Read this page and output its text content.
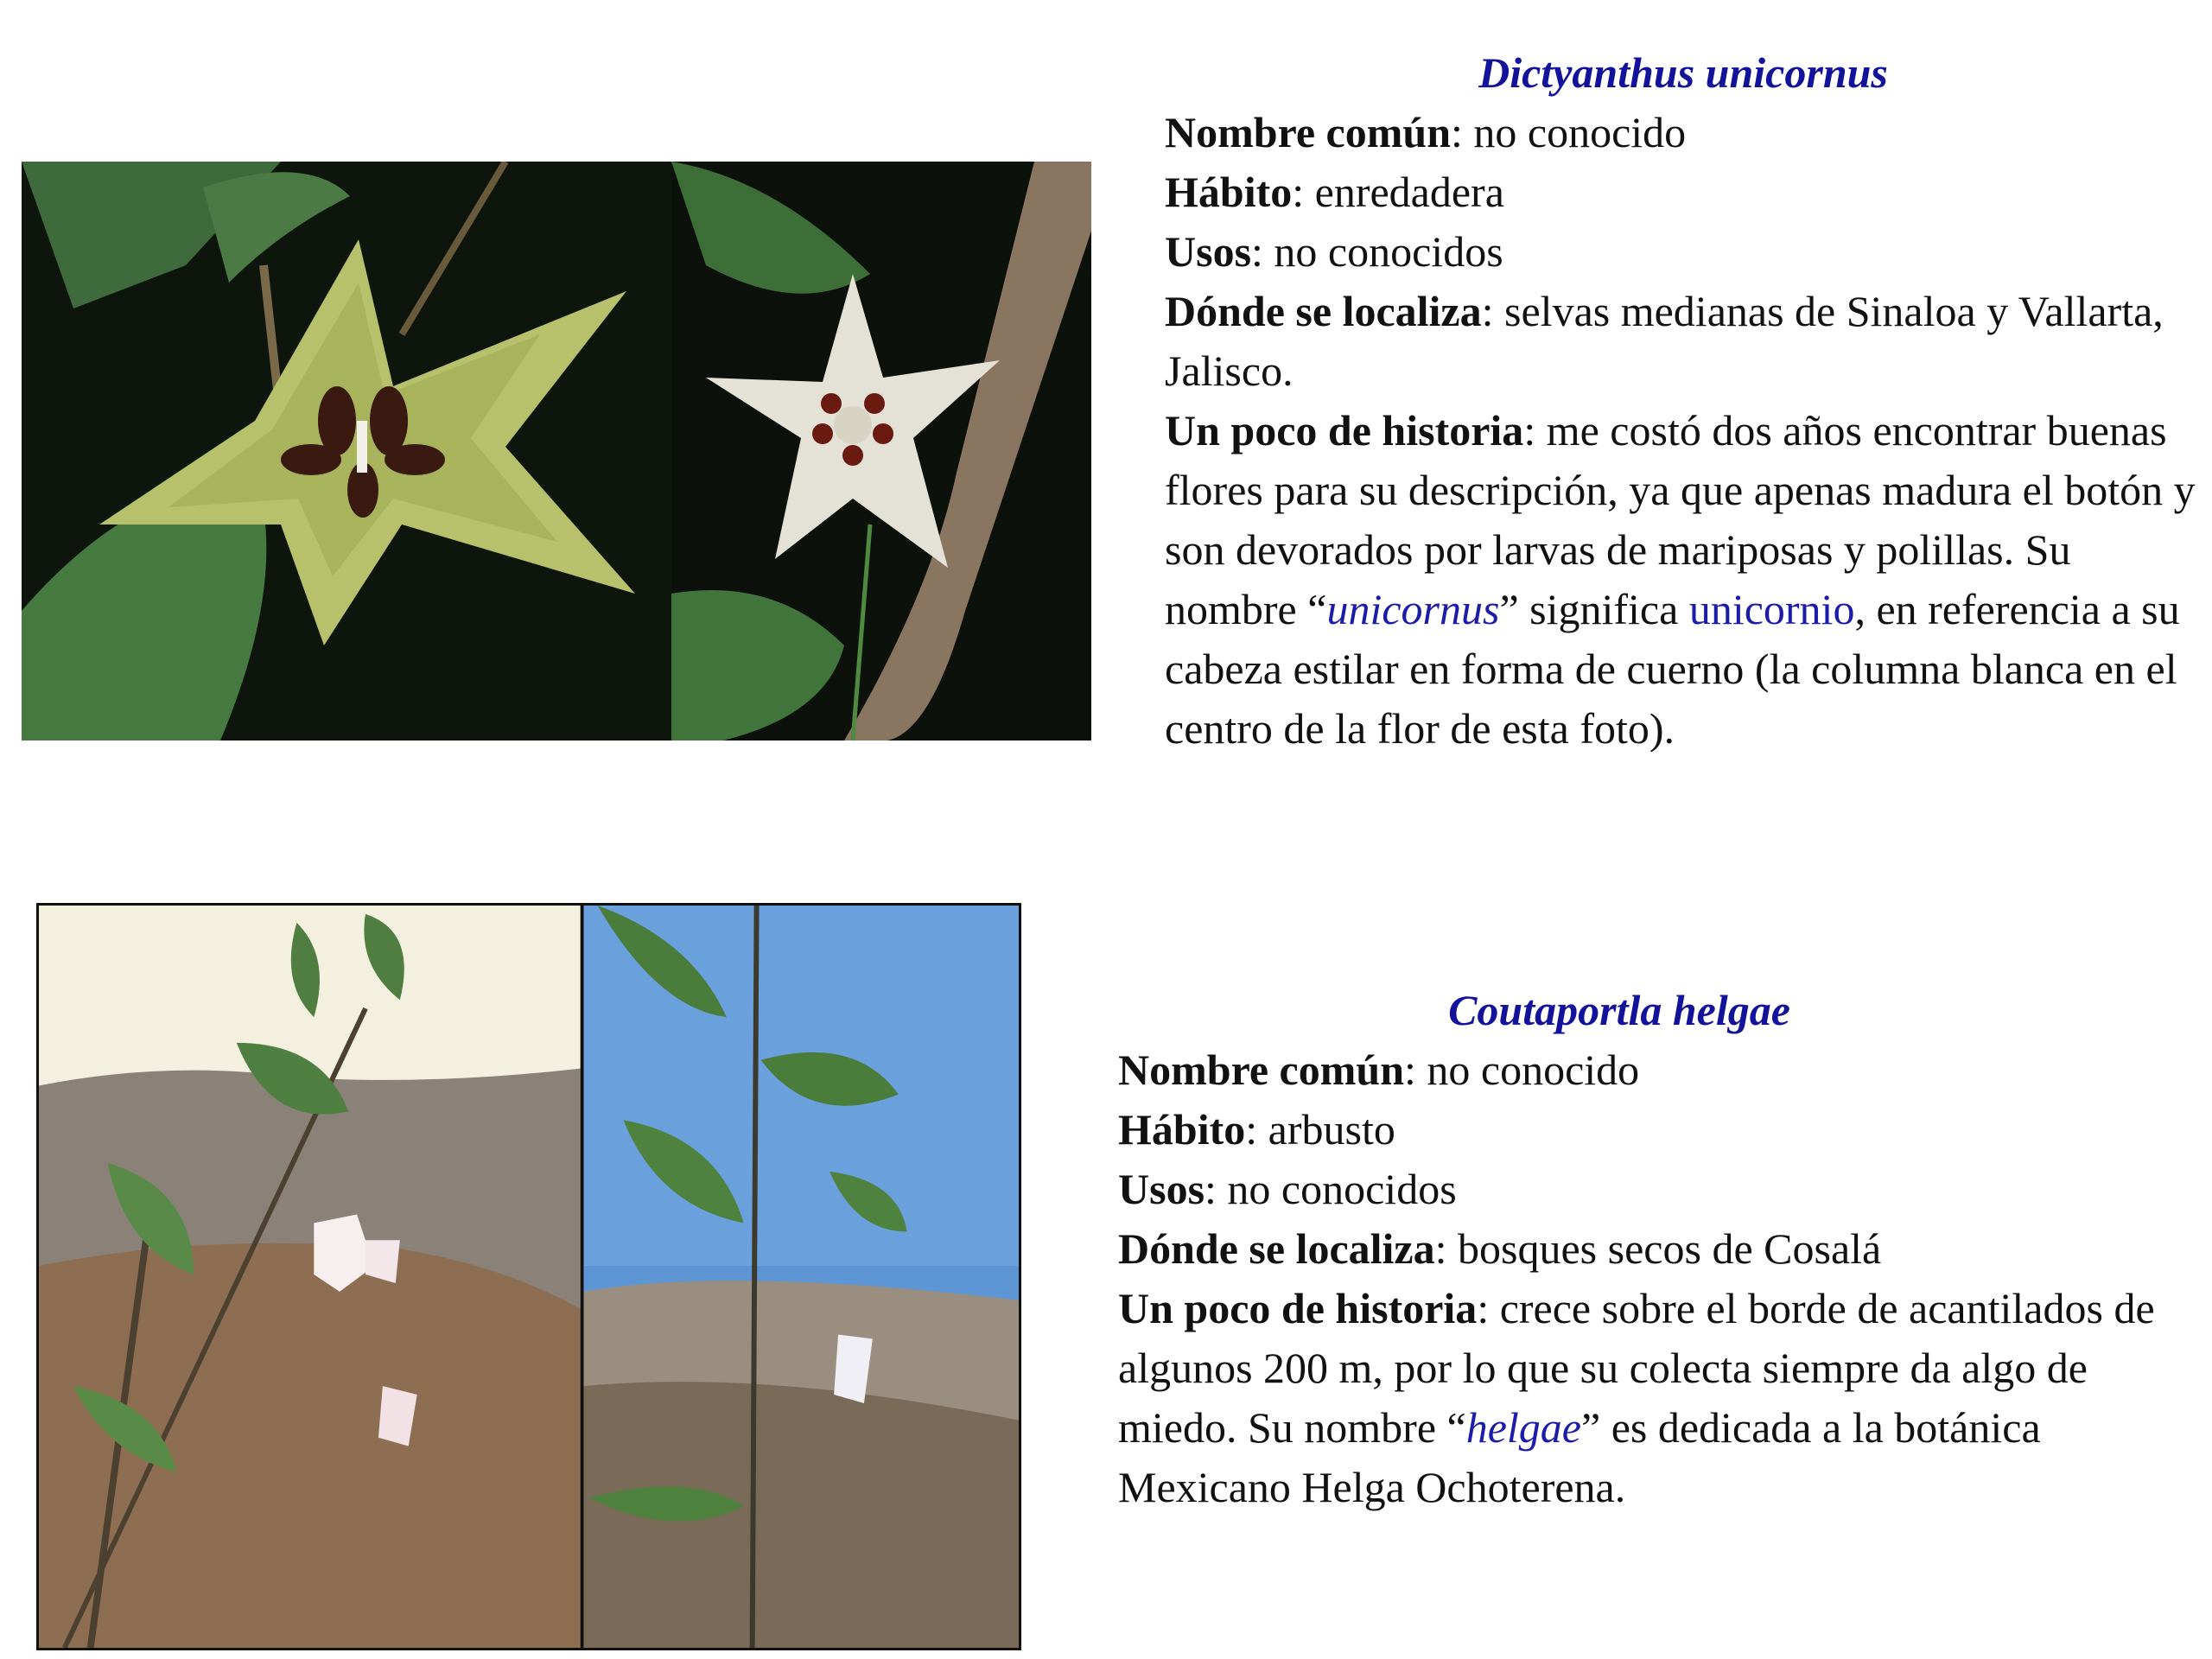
Dictyanthus unicornus
Nombre común: no conocido
Hábito: enredadera
Usos: no conocidos
Dónde se localiza: selvas medianas de Sinaloa y Vallarta, Jalisco.
Un poco de historia: me costó dos años encontrar buenas flores para su descripción, ya que apenas madura el botón y son devorados por larvas de mariposas y polillas. Su nombre “unicornus” significa unicornio, en referencia a su cabeza estilar en forma de cuerno (la columna blanca en el centro de la flor de esta foto).
Coutaportla helgae
Nombre común: no conocido
Hábito: arbusto
Usos: no conocidos
Dónde se localiza: bosques secos de Cosalá
Un poco de historia: crece sobre el borde de acantilados de algunos 200 m, por lo que su colecta siempre da algo de miedo. Su nombre “helgae” es dedicada a la botánica Mexicano Helga Ochoterena.
